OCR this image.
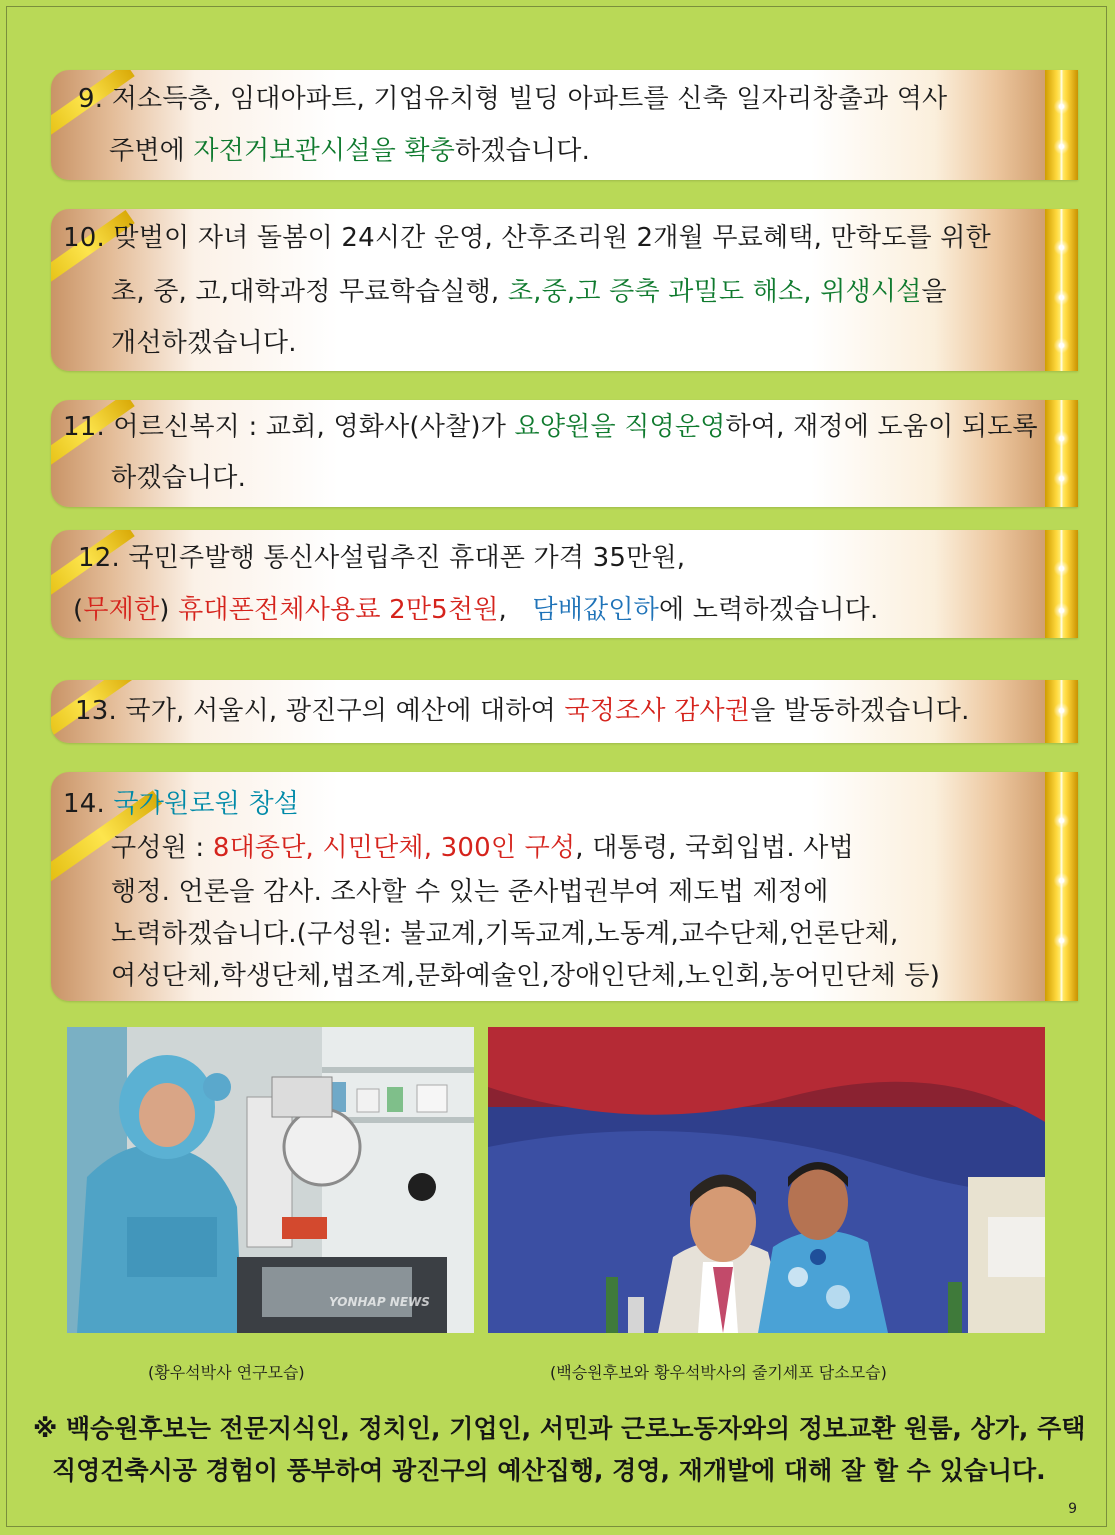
9. 저소득층, 임대아파트, 기업유치형 빌딩 아파트를 신축 일자리창출과 역사
주변에 자전거보관시설을 확충하겠습니다.
10. 맞벌이 자녀 돌봄이 24시간 운영, 산후조리원 2개월 무료혜택, 만학도를 위한
초, 중, 고,대학과정 무료학습실행, 초,중,고 증축 과밀도 해소, 위생시설을
개선하겠습니다.
11. 어르신복지 : 교회, 영화사(사찰)가 요양원을 직영운영하여, 재정에 도움이 되도록
하겠습니다.
12. 국민주발행 통신사설립추진 휴대폰 가격 35만원,
(무제한) 휴대폰전체사용료 2만5천원,   담배값인하에 노력하겠습니다.
13. 국가, 서울시, 광진구의 예산에 대하여 국정조사 감사권을 발동하겠습니다.
14. 국가원로원 창설
구성원 : 8대종단, 시민단체, 300인 구성, 대통령, 국회입법. 사법
행정. 언론을 감사. 조사할 수 있는 준사법권부여 제도법 제정에
노력하겠습니다.(구성원: 불교계,기독교계,노동계,교수단체,언론단체,
여성단체,학생단체,법조계,문화예술인,장애인단체,노인회,농어민단체 등)
YONHAP NEWS
(황우석박사 연구모습)	(백승원후보와 황우석박사의 줄기세포 담소모습)
※ 백승원후보는 전문지식인, 정치인, 기업인, 서민과 근로노동자와의 정보교환 원룸, 상가, 주택
직영건축시공 경험이 풍부하여 광진구의 예산집행, 경영, 재개발에 대해 잘 할 수 있습니다.
9
